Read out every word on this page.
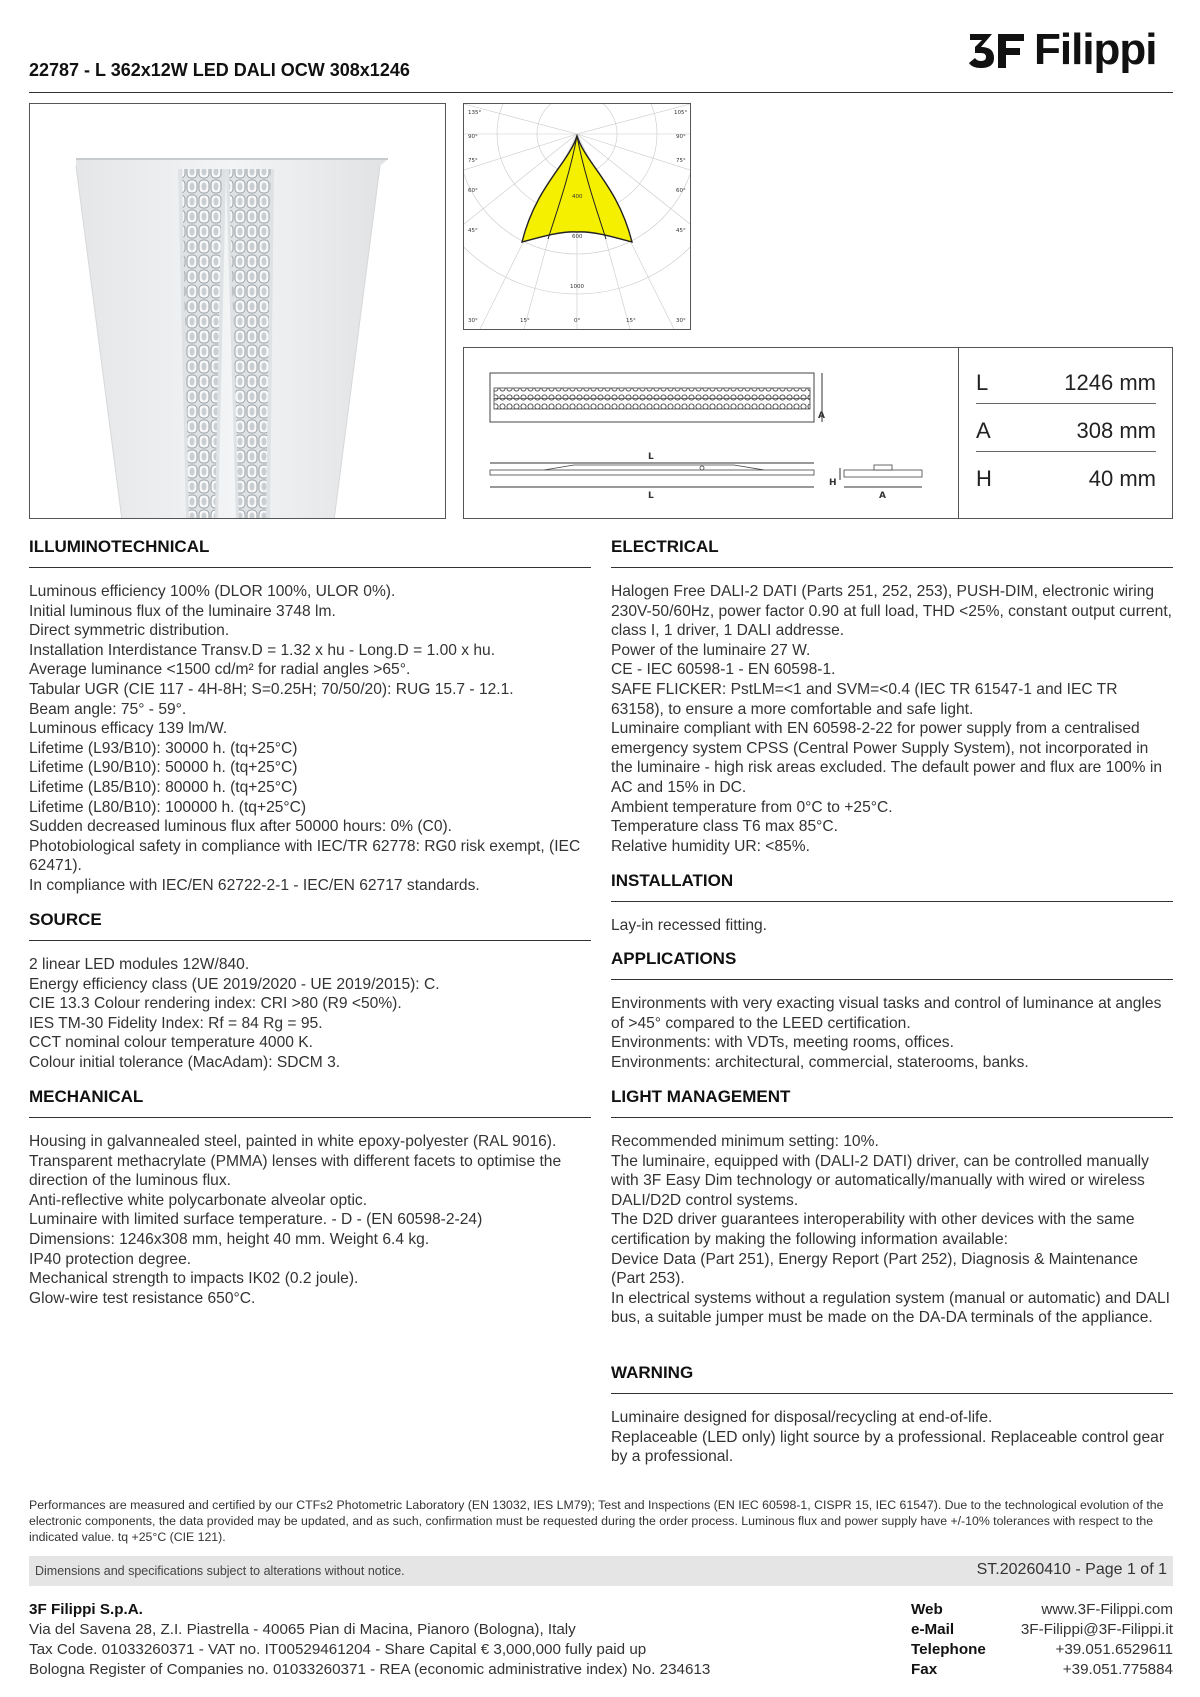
22787 - L 362x12W LED DALI OCW 308x1246	Filippi
135°	105°
90°
75°
60°
45°
90°
75°
60°
45°
30°	15°	0°	15°	30°
400
600
1000
A
L
L
H
A
L	1246 mm
A	308 mm
H	40 mm
ILLUMINOTECHNICAL

Luminous efficiency 100% (DLOR 100%, ULOR 0%).

Initial luminous flux of the luminaire 3748 lm.

Direct symmetric distribution.

Installation Interdistance Transv.D = 1.32 x hu - Long.D = 1.00 x hu.

Average luminance <1500 cd/m² for radial angles >65°.

Tabular UGR (CIE 117 - 4H-8H; S=0.25H; 70/50/20): RUG 15.7 - 12.1.

Beam angle: 75° - 59°.

Luminous efficacy 139 lm/W.

Lifetime (L93/B10): 30000 h. (tq+25°C)

Lifetime (L90/B10): 50000 h. (tq+25°C)

Lifetime (L85/B10): 80000 h. (tq+25°C)

Lifetime (L80/B10): 100000 h. (tq+25°C)

Sudden decreased luminous flux after 50000 hours: 0% (C0).

Photobiological safety in compliance with IEC/TR 62778: RG0 risk exempt, (IEC 62471).

In compliance with IEC/EN 62722-2-1 - IEC/EN 62717 standards.

SOURCE

2 linear LED modules 12W/840.

Energy efficiency class (UE 2019/2020 - UE 2019/2015): C.

CIE 13.3 Colour rendering index: CRI >80 (R9 <50%).

IES TM-30 Fidelity Index: Rf = 84 Rg = 95.

CCT nominal colour temperature 4000 K.

Colour initial tolerance (MacAdam): SDCM 3.

MECHANICAL

Housing in galvannealed steel, painted in white epoxy-polyester (RAL 9016).

Transparent methacrylate (PMMA) lenses with different facets to optimise the direction of the luminous flux.

Anti-reflective white polycarbonate alveolar optic.

Luminaire with limited surface temperature. - D - (EN 60598-2-24)

Dimensions: 1246x308 mm, height 40 mm. Weight 6.4 kg.

IP40 protection degree.

Mechanical strength to impacts IK02 (0.2 joule).

Glow-wire test resistance 650°C.

ELECTRICAL

Halogen Free DALI-2 DATI (Parts 251, 252, 253), PUSH-DIM, electronic wiring 230V-50/60Hz, power factor 0.90 at full load, THD <25%, constant output current, class I, 1 driver, 1 DALI addresse.

Power of the luminaire 27 W.

CE - IEC 60598-1 - EN 60598-1.

SAFE FLICKER: PstLM=<1 and SVM=<0.4 (IEC TR 61547-1 and IEC TR 63158), to ensure a more comfortable and safe light.

Luminaire compliant with EN 60598-2-22 for power supply from a centralised emergency system CPSS (Central Power Supply System), not incorporated in the luminaire - high risk areas excluded. The default power and flux are 100% in AC and 15% in DC.

Ambient temperature from 0°C to +25°C.

Temperature class T6 max 85°C.

Relative humidity UR: <85%.

INSTALLATION

Lay-in recessed fitting.

APPLICATIONS

Environments with very exacting visual tasks and control of luminance at angles of >45° compared to the LEED certification.

Environments: with VDTs, meeting rooms, offices.

Environments: architectural, commercial, staterooms, banks.

LIGHT MANAGEMENT

Recommended minimum setting: 10%.

The luminaire, equipped with (DALI-2 DATI) driver, can be controlled manually with 3F Easy Dim technology or automatically/manually with wired or wireless DALI/D2D control systems.

The D2D driver guarantees interoperability with other devices with the same certification by making the following information available:

Device Data (Part 251), Energy Report (Part 252), Diagnosis & Maintenance (Part 253).

In electrical systems without a regulation system (manual or automatic) and DALI bus, a suitable jumper must be made on the DA-DA terminals of the appliance.

WARNING

Luminaire designed for disposal/recycling at end-of-life.

Replaceable (LED only) light source by a professional. Replaceable control gear by a professional.

Performances are measured and certified by our CTFs2 Photometric Laboratory (EN 13032, IES LM79); Test and Inspections (EN IEC 60598-1, CISPR 15, IEC 61547). Due to the technological evolution of the electronic components, the data provided may be updated, and as such, confirmation must be requested during the order process. Luminous flux and power supply have +/-10% tolerances with respect to the indicated value. tq +25°C (CIE 121).
Dimensions and specifications subject to alterations without notice.	ST.20260410 - Page 1 of 1
3F Filippi S.p.A.
Via del Savena 28, Z.I. Piastrella - 40065 Pian di Macina, Pianoro (Bologna), Italy
Tax Code. 01033260371 - VAT no. IT00529461204 - Share Capital € 3,000,000 fully paid up
Bologna Register of Companies no. 01033260371 - REA (economic administrative index) No. 234613
Web	www.3F-Filippi.com
e-Mail	3F-Filippi@3F-Filippi.it
Telephone	+39.051.6529611
Fax	+39.051.775884
